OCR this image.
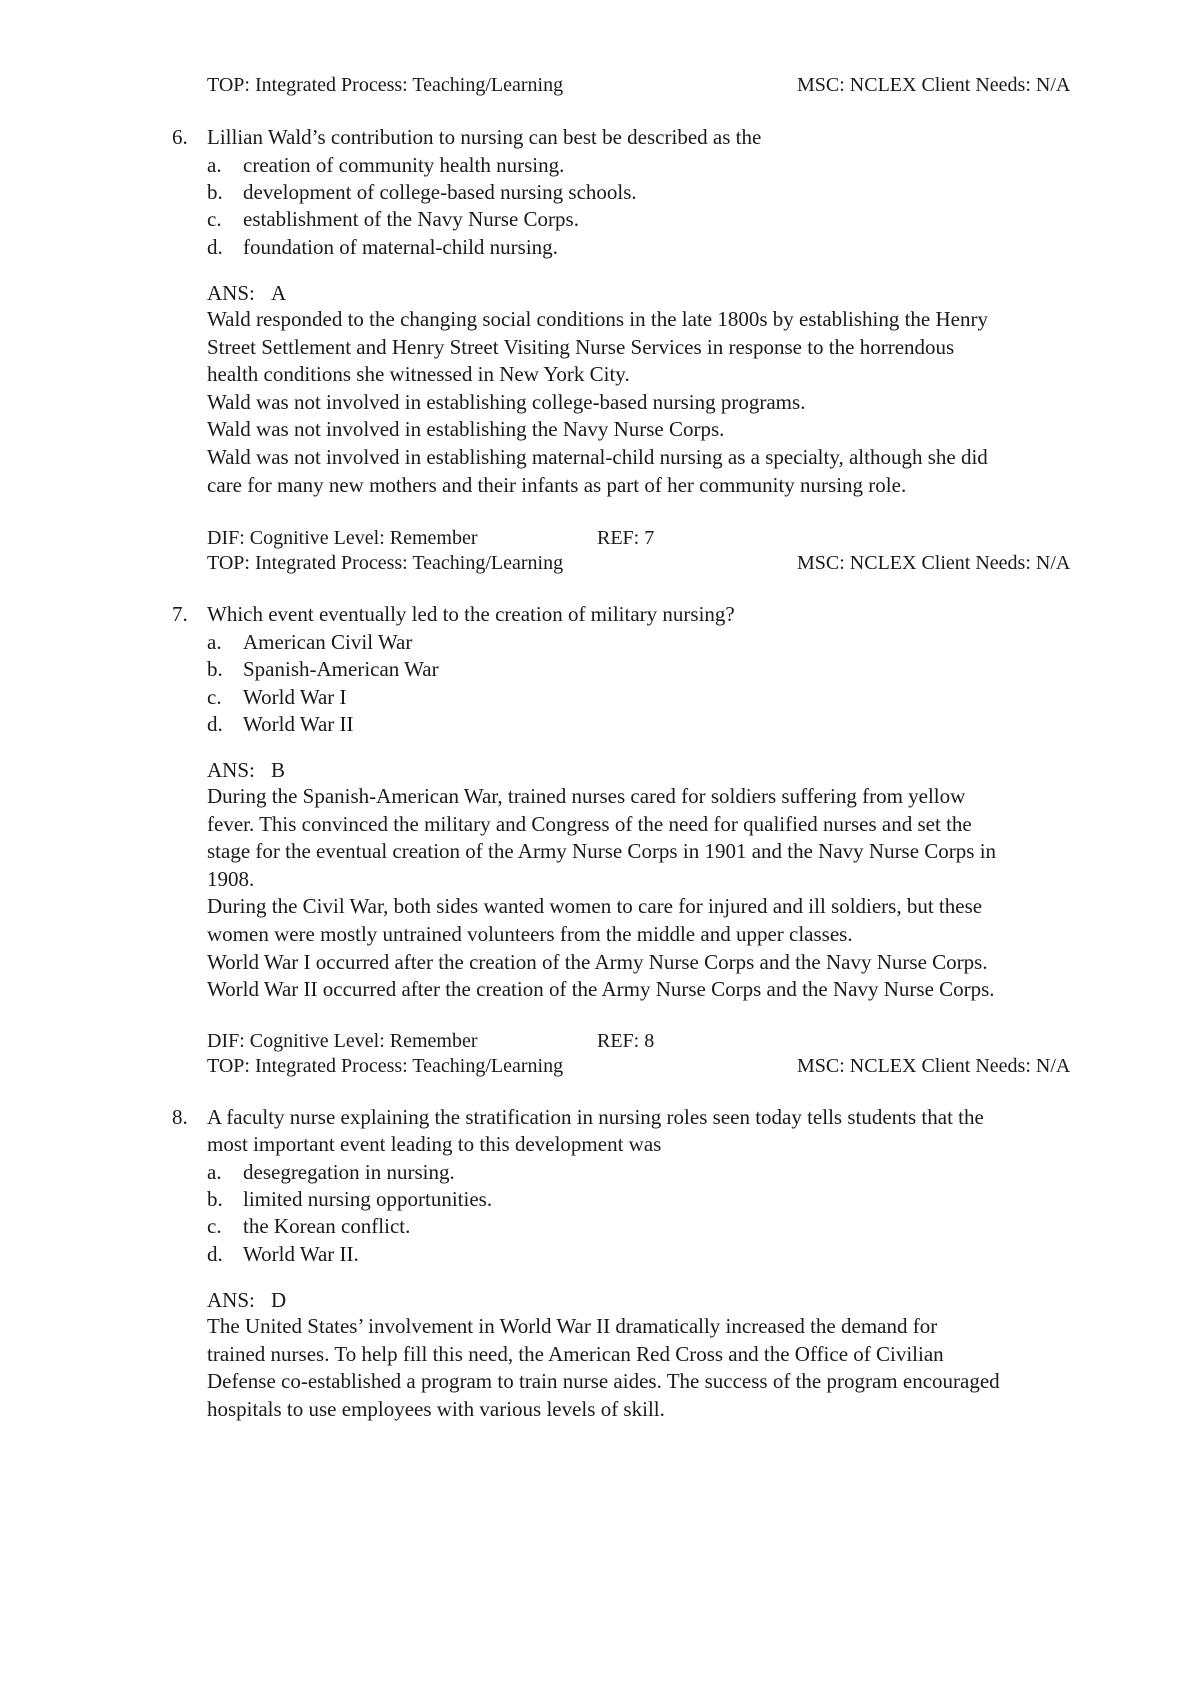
TOP: Integrated Process: Teaching/Learning	MSC: NCLEX Client Needs: N/A
6. Lillian Wald’s contribution to nursing can best be described as the
a. creation of community health nursing.
b. development of college-based nursing schools.
c. establishment of the Navy Nurse Corps.
d. foundation of maternal-child nursing.
ANS: A
Wald responded to the changing social conditions in the late 1800s by establishing the Henry
Street Settlement and Henry Street Visiting Nurse Services in response to the horrendous
health conditions she witnessed in New York City.
Wald was not involved in establishing college-based nursing programs.
Wald was not involved in establishing the Navy Nurse Corps.
Wald was not involved in establishing maternal-child nursing as a specialty, although she did
care for many new mothers and their infants as part of her community nursing role.
DIF: Cognitive Level: Remember	REF: 7
TOP: Integrated Process: Teaching/Learning	MSC: NCLEX Client Needs: N/A
7. Which event eventually led to the creation of military nursing?
a. American Civil War
b. Spanish-American War
c. World War I
d. World War II
ANS: B
During the Spanish-American War, trained nurses cared for soldiers suffering from yellow
fever. This convinced the military and Congress of the need for qualified nurses and set the
stage for the eventual creation of the Army Nurse Corps in 1901 and the Navy Nurse Corps in
1908.
During the Civil War, both sides wanted women to care for injured and ill soldiers, but these
women were mostly untrained volunteers from the middle and upper classes.
World War I occurred after the creation of the Army Nurse Corps and the Navy Nurse Corps.
World War II occurred after the creation of the Army Nurse Corps and the Navy Nurse Corps.
DIF: Cognitive Level: Remember	REF: 8
TOP: Integrated Process: Teaching/Learning	MSC: NCLEX Client Needs: N/A
8. A faculty nurse explaining the stratification in nursing roles seen today tells students that the
most important event leading to this development was
a. desegregation in nursing.
b. limited nursing opportunities.
c. the Korean conflict.
d. World War II.
ANS: D
The United States’ involvement in World War II dramatically increased the demand for
trained nurses. To help fill this need, the American Red Cross and the Office of Civilian
Defense co-established a program to train nurse aides. The success of the program encouraged
hospitals to use employees with various levels of skill.
